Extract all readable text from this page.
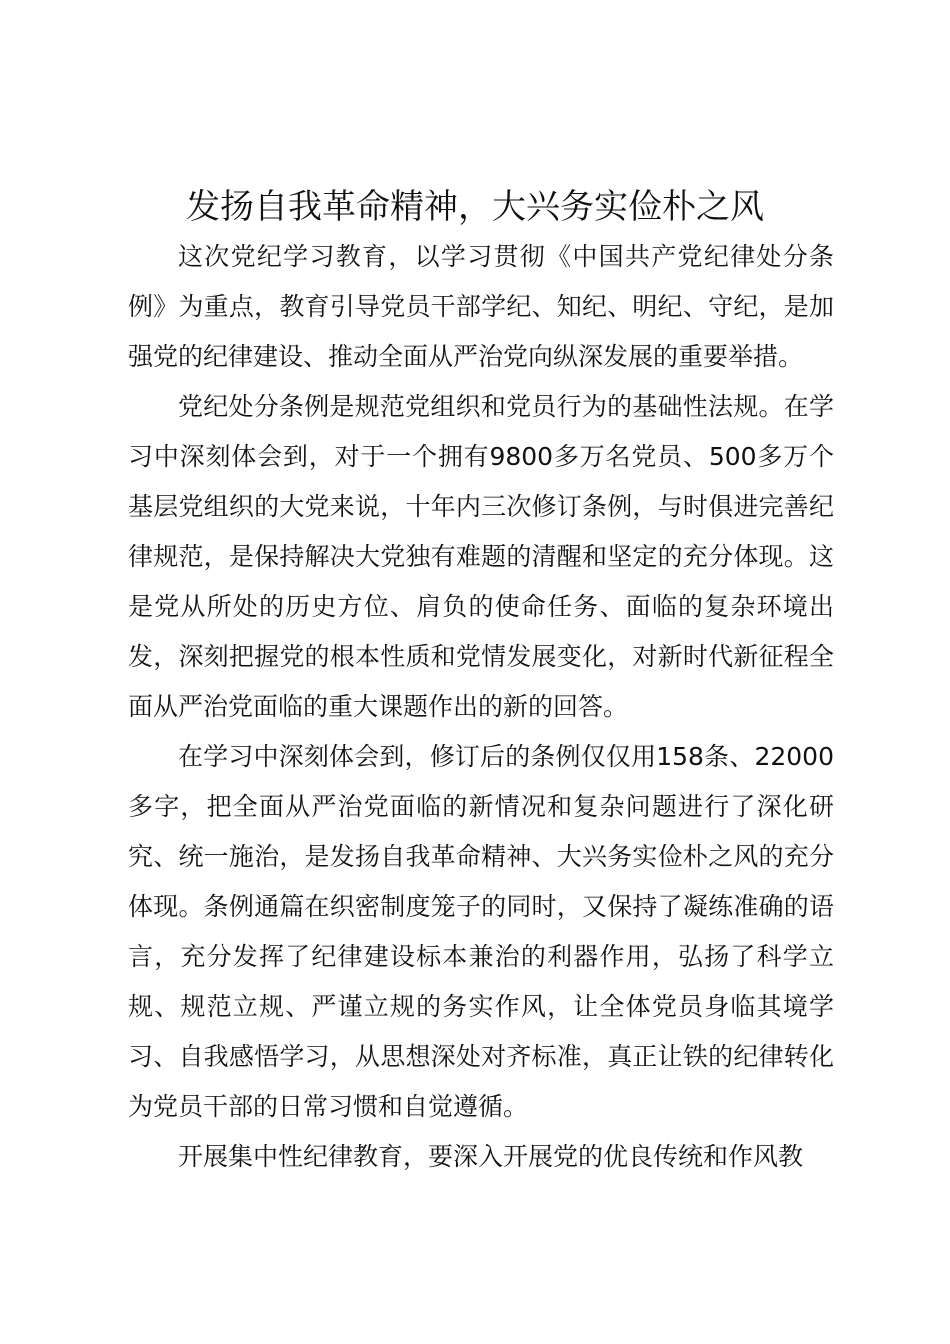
发扬自我革命精神，大兴务实俭朴之风

这次党纪学习教育，以学习贯彻《中国共产党纪律处分条例》为重点，教育引导党员干部学纪、知纪、明纪、守纪，是加强党的纪律建设、推动全面从严治党向纵深发展的重要举措。

党纪处分条例是规范党组织和党员行为的基础性法规。在学习中深刻体会到，对于一个拥有9800多万名党员、500多万个基层党组织的大党来说，十年内三次修订条例，与时俱进完善纪律规范，是保持解决大党独有难题的清醒和坚定的充分体现。这是党从所处的历史方位、肩负的使命任务、面临的复杂环境出发，深刻把握党的根本性质和党情发展变化，对新时代新征程全面从严治党面临的重大课题作出的新的回答。

在学习中深刻体会到，修订后的条例仅仅用158条、22000多字，把全面从严治党面临的新情况和复杂问题进行了深化研究、统一施治，是发扬自我革命精神、大兴务实俭朴之风的充分体现。条例通篇在织密制度笼子的同时，又保持了凝练准确的语言，充分发挥了纪律建设标本兼治的利器作用，弘扬了科学立规、规范立规、严谨立规的务实作风，让全体党员身临其境学习、自我感悟学习，从思想深处对齐标准，真正让铁的纪律转化为党员干部的日常习惯和自觉遵循。

开展集中性纪律教育，要深入开展党的优良传统和作风教
